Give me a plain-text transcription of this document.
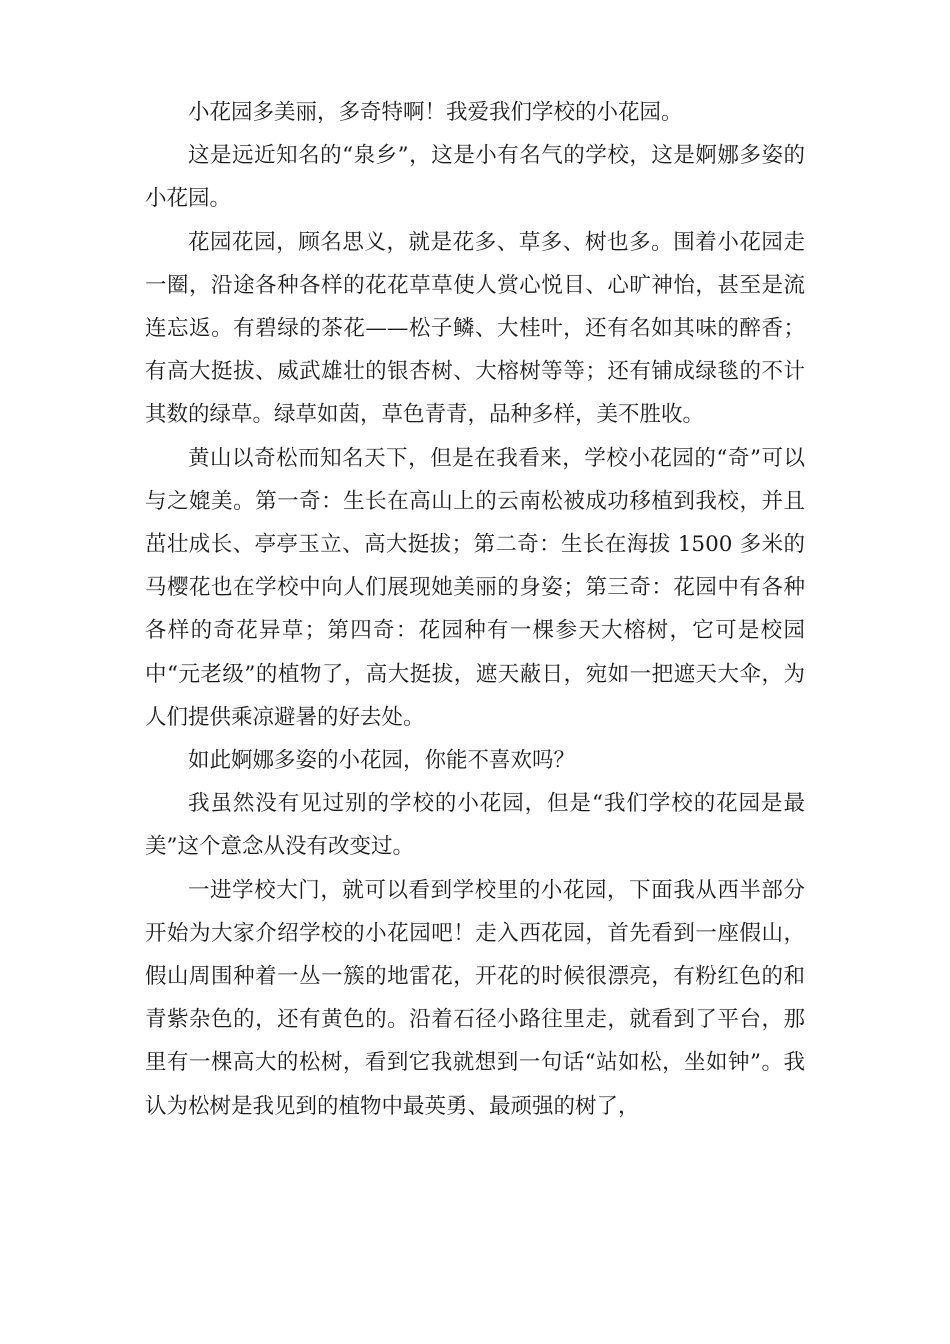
小花园多美丽，多奇特啊！我爱我们学校的小花园。

这是远近知名的“泉乡”，这是小有名气的学校，这是婀娜多姿的小花园。

花园花园，顾名思义，就是花多、草多、树也多。围着小花园走一圈，沿途各种各样的花花草草使人赏心悦目、心旷神怡，甚至是流连忘返。有碧绿的茶花——松子鳞、大桂叶，还有名如其味的醉香；有高大挺拔、威武雄壮的银杏树、大榕树等等；还有铺成绿毯的不计其数的绿草。绿草如茵，草色青青，品种多样，美不胜收。

黄山以奇松而知名天下，但是在我看来，学校小花园的“奇”可以与之媲美。第一奇：生长在高山上的云南松被成功移植到我校，并且茁壮成长、亭亭玉立、高大挺拔；第二奇：生长在海拔 1500 多米的马樱花也在学校中向人们展现她美丽的身姿；第三奇：花园中有各种各样的奇花异草；第四奇：花园种有一棵参天大榕树，它可是校园中“元老级”的植物了，高大挺拔，遮天蔽日，宛如一把遮天大伞，为人们提供乘凉避暑的好去处。

如此婀娜多姿的小花园，你能不喜欢吗？

我虽然没有见过别的学校的小花园，但是“我们学校的花园是最美”这个意念从没有改变过。

一进学校大门，就可以看到学校里的小花园，下面我从西半部分开始为大家介绍学校的小花园吧！走入西花园，首先看到一座假山，假山周围种着一丛一簇的地雷花，开花的时候很漂亮，有粉红色的和青紫杂色的，还有黄色的。沿着石径小路往里走，就看到了平台，那里有一棵高大的松树，看到它我就想到一句话“站如松，坐如钟”。我认为松树是我见到的植物中最英勇、最顽强的树了，
